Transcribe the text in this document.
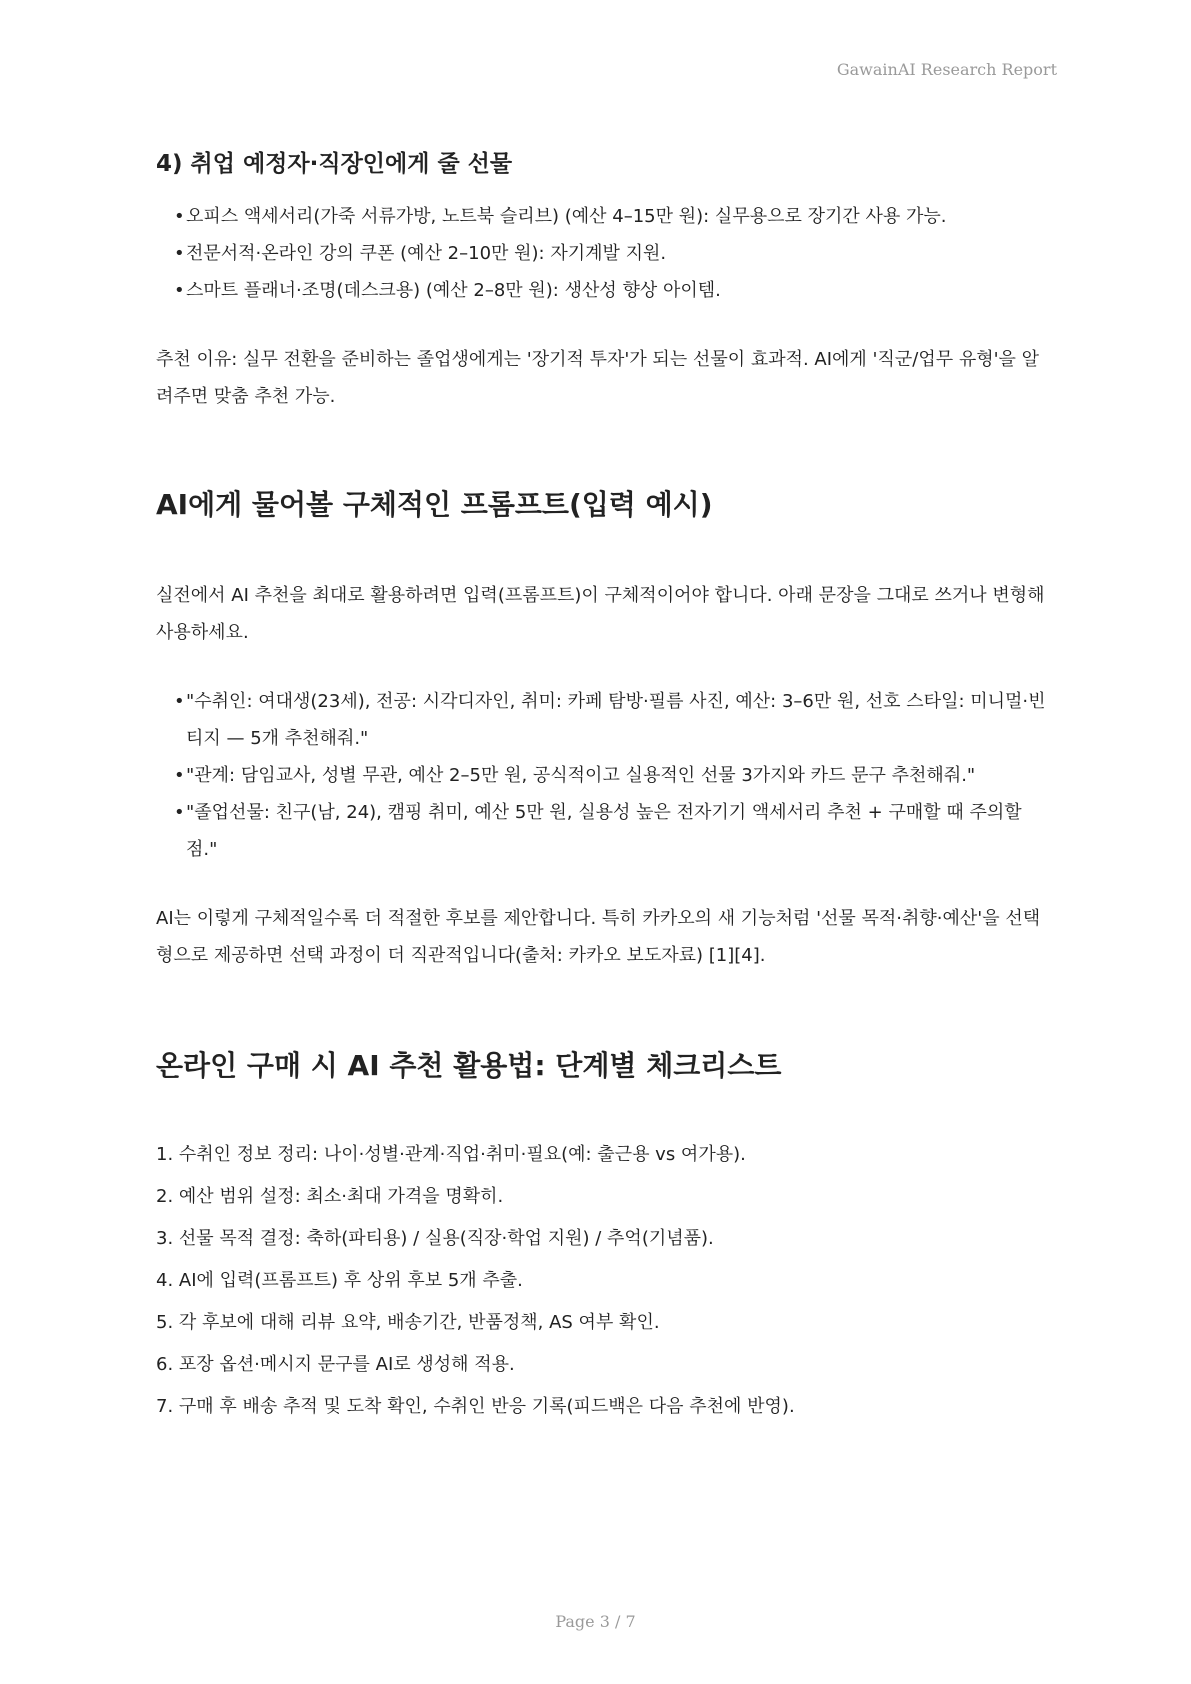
GawainAI Research Report
4) 취업 예정자·직장인에게 줄 선물
• 오피스 액세서리(가죽 서류가방, 노트북 슬리브) (예산 4–15만 원): 실무용으로 장기간 사용 가능.
• 전문서적·온라인 강의 쿠폰 (예산 2–10만 원): 자기계발 지원.
• 스마트 플래너·조명(데스크용) (예산 2–8만 원): 생산성 향상 아이템.

추천 이유: 실무 전환을 준비하는 졸업생에게는 '장기적 투자'가 되는 선물이 효과적. AI에게 '직군/업무 유형'을 알려주면 맞춤 추천 가능.

AI에게 물어볼 구체적인 프롬프트(입력 예시)

실전에서 AI 추천을 최대로 활용하려면 입력(프롬프트)이 구체적이어야 합니다. 아래 문장을 그대로 쓰거나 변형해 사용하세요.

• "수취인: 여대생(23세), 전공: 시각디자인, 취미: 카페 탐방·필름 사진, 예산: 3–6만 원, 선호 스타일: 미니멀·빈티지 — 5개 추천해줘."
• "관계: 담임교사, 성별 무관, 예산 2–5만 원, 공식적이고 실용적인 선물 3가지와 카드 문구 추천해줘."
• "졸업선물: 친구(남, 24), 캠핑 취미, 예산 5만 원, 실용성 높은 전자기기 액세서리 추천 + 구매할 때 주의할 점."

AI는 이렇게 구체적일수록 더 적절한 후보를 제안합니다. 특히 카카오의 새 기능처럼 '선물 목적·취향·예산'을 선택형으로 제공하면 선택 과정이 더 직관적입니다(출처: 카카오 보도자료) [1][4].

온라인 구매 시 AI 추천 활용법: 단계별 체크리스트
1. 수취인 정보 정리: 나이·성별·관계·직업·취미·필요(예: 출근용 vs 여가용).
2. 예산 범위 설정: 최소·최대 가격을 명확히.
3. 선물 목적 결정: 축하(파티용) / 실용(직장·학업 지원) / 추억(기념품).
4. AI에 입력(프롬프트) 후 상위 후보 5개 추출.
5. 각 후보에 대해 리뷰 요약, 배송기간, 반품정책, AS 여부 확인.
6. 포장 옵션·메시지 문구를 AI로 생성해 적용.
7. 구매 후 배송 추적 및 도착 확인, 수취인 반응 기록(피드백은 다음 추천에 반영).
Page 3 / 7
